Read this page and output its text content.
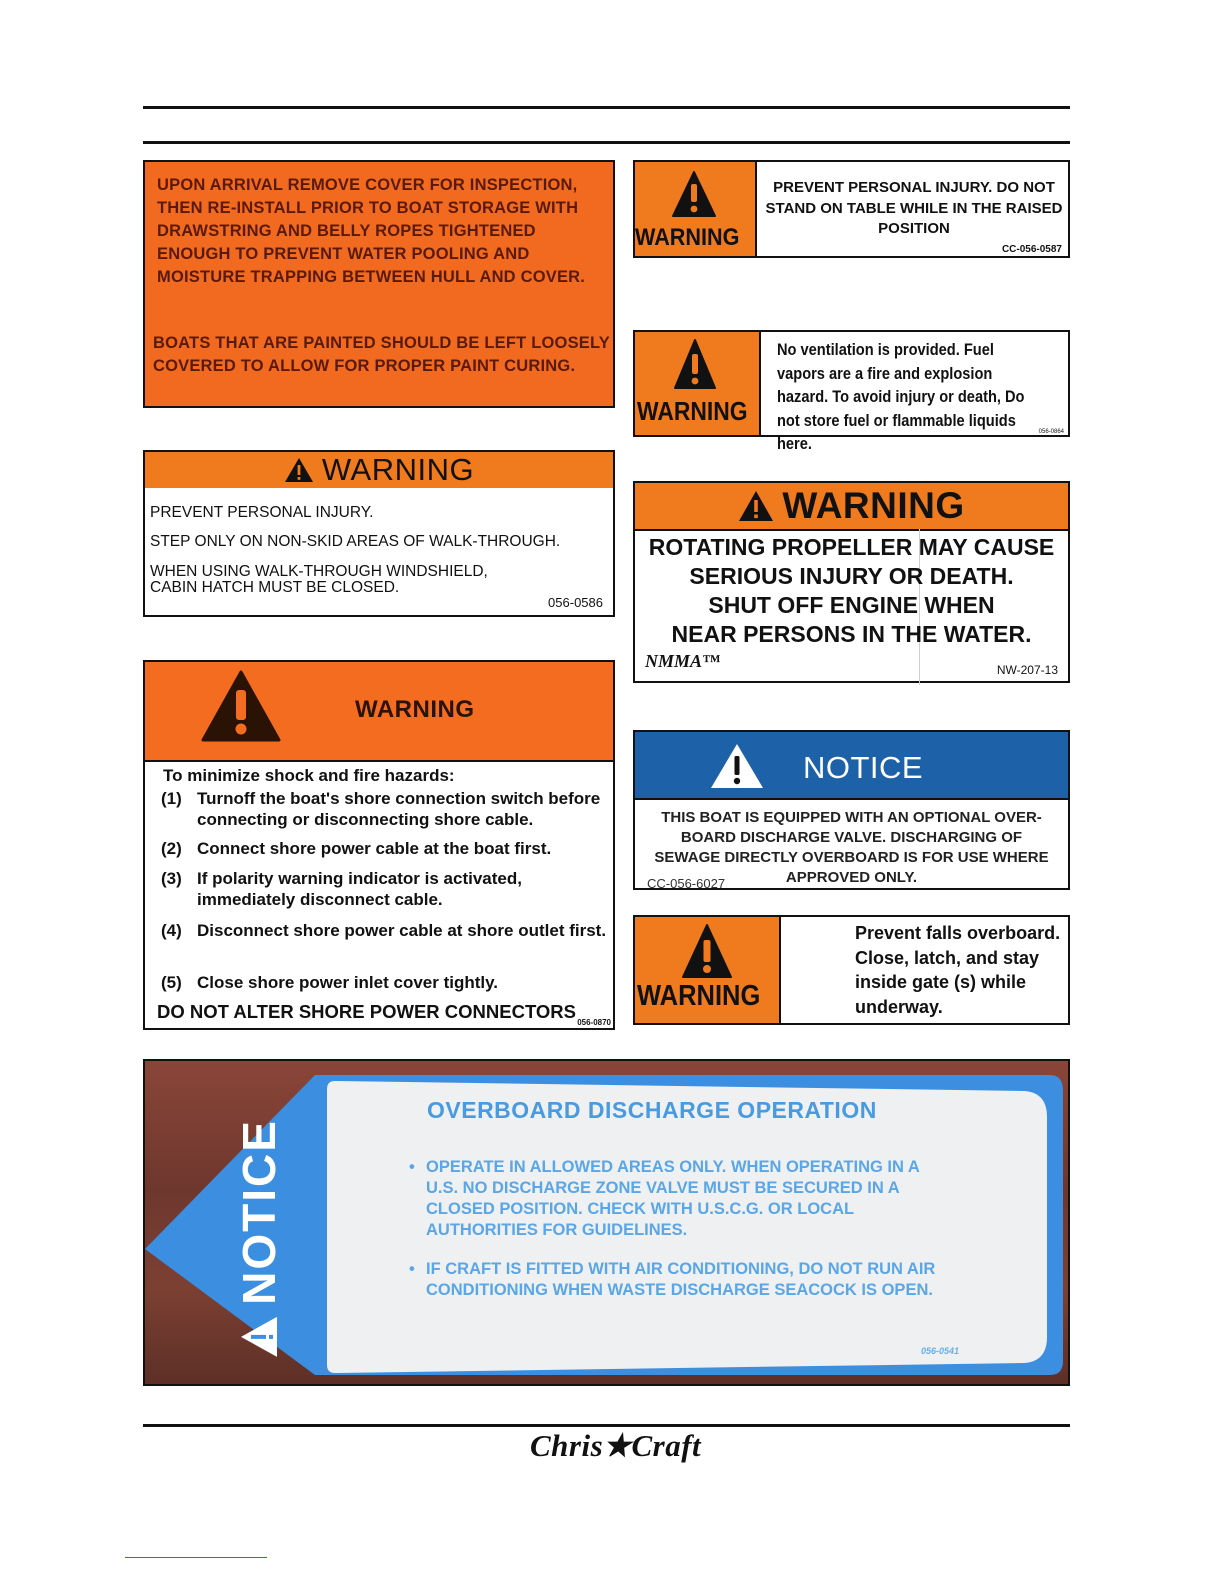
UPON ARRIVAL REMOVE COVER FOR INSPECTION, THEN RE-INSTALL PRIOR TO BOAT STORAGE WITH DRAWSTRING AND BELLY ROPES TIGHTENED ENOUGH TO PREVENT WATER POOLING AND MOISTURE TRAPPING BETWEEN HULL AND COVER.
BOATS THAT ARE PAINTED SHOULD BE LEFT LOOSELY COVERED TO ALLOW FOR PROPER PAINT CURING.
WARNING
PREVENT PERSONAL INJURY.
STEP ONLY ON NON-SKID AREAS OF WALK-THROUGH.
WHEN USING WALK-THROUGH WINDSHIELD,
CABIN HATCH MUST BE CLOSED.
056-0586
WARNING
To minimize shock and fire hazards:
(1) Turnoff the boat's shore connection switch before connecting or disconnecting shore cable.
(2) Connect shore power cable at the boat first.
(3) If polarity warning indicator is activated, immediately disconnect cable.
(4) Disconnect shore power cable at shore outlet first.
(5) Close shore power inlet cover tightly.
DO NOT ALTER SHORE POWER CONNECTORS
056-0870
WARNING
PREVENT PERSONAL INJURY. DO NOT STAND ON TABLE WHILE IN THE RAISED POSITION
CC-056-0587
WARNING
No ventilation is provided. Fuel vapors are a fire and explosion hazard. To avoid injury or death, Do not store fuel or flammable liquids here.
056-0864
WARNING
ROTATING PROPELLER MAY CAUSE
SERIOUS INJURY OR DEATH.
SHUT OFF ENGINE WHEN
NEAR PERSONS IN THE WATER.
NMMA™	NW-207-13
NOTICE
THIS BOAT IS EQUIPPED WITH AN OPTIONAL OVER-
BOARD DISCHARGE VALVE. DISCHARGING OF
SEWAGE DIRECTLY OVERBOARD IS FOR USE WHERE
APPROVED ONLY.
CC-056-6027
WARNING
Prevent falls overboard. Close, latch, and stay inside gate (s) while underway.
NOTICE
OVERBOARD DISCHARGE OPERATION
• OPERATE IN ALLOWED AREAS ONLY. WHEN OPERATING IN A U.S. NO DISCHARGE ZONE VALVE MUST BE SECURED IN A CLOSED POSITION. CHECK WITH U.S.C.G. OR LOCAL AUTHORITIES FOR GUIDELINES.
• IF CRAFT IS FITTED WITH AIR CONDITIONING, DO NOT RUN AIR CONDITIONING WHEN WASTE DISCHARGE SEACOCK IS OPEN.
056-0541
Chris★Craft
